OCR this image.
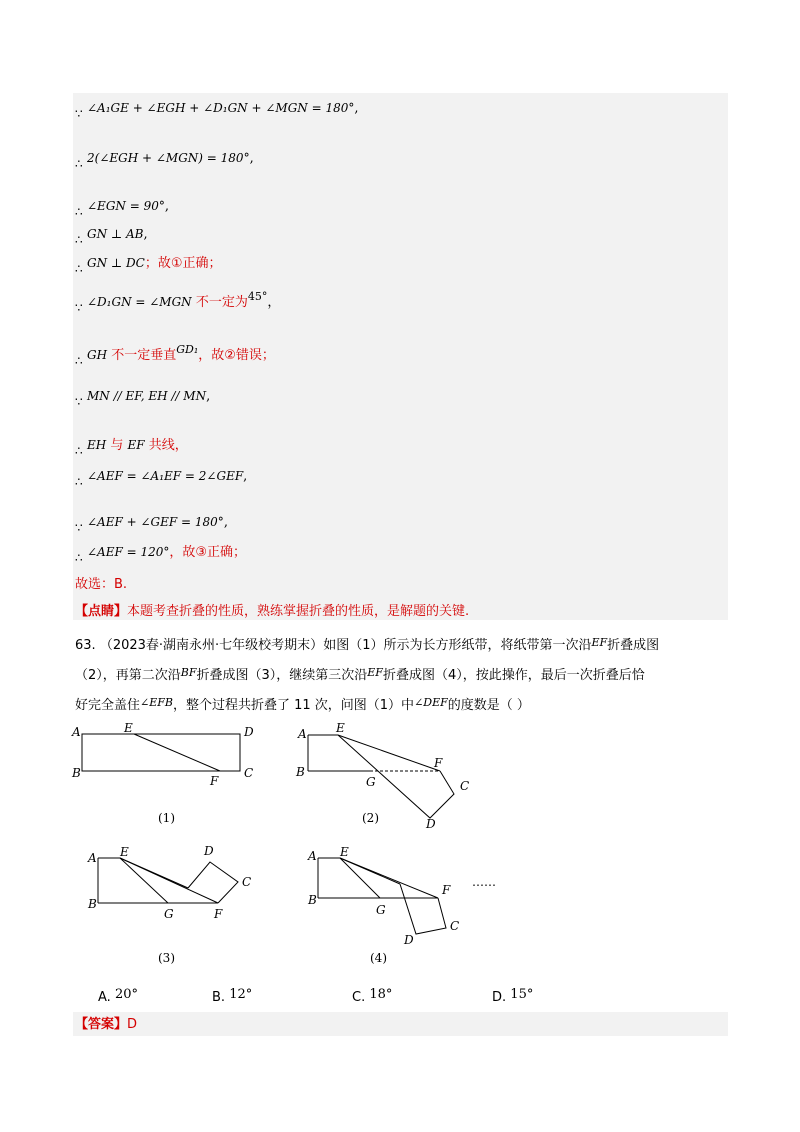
∵ ∠A₁GE + ∠EGH + ∠D₁GN + ∠MGN = 180°,
∴ 2(∠EGH + ∠MGN) = 180°,
∴ ∠EGN = 90°,
∴ GN ⊥ AB,
∴ GN ⊥ DC；故①正确；
∵ ∠D₁GN = ∠MGN 不一定为$^{45^\circ}$，
∴ GH 不一定垂直$^{GD_1}$，故②错误；
∵ MN // EF, EH // MN,
∴ EH 与 EF 共线，
∴ ∠AEF = ∠A₁EF = 2∠GEF,
∵ ∠AEF + ∠GEF = 180°,
∴ ∠AEF = 120°，故③正确；
故选：B.
【点睛】本题考查折叠的性质，熟练掌握折叠的性质，是解题的关键.
63. （2023春·湖南永州·七年级校考期末）如图（1）所示为长方形纸带，将纸带第一次沿$^{EF}$折叠成图
（2），再第二次沿$^{BF}$折叠成图（3），继续第三次沿$^{EF}$折叠成图（4），按此操作，最后一次折叠后恰
好完全盖住$^{\angle EFB}$，整个过程共折叠了 11 次，问图（1）中$^{\angle DEF}$的度数是（ ）
A	E	D
B
F
C
(1)
A E
B
G
F
C
D
(2)
A E	D
C
B
G	F
(3)
A E
F
B
G
C
D
……
(4)
A. 20°	B. 12°	C. 18°	D. 15°
【答案】D
